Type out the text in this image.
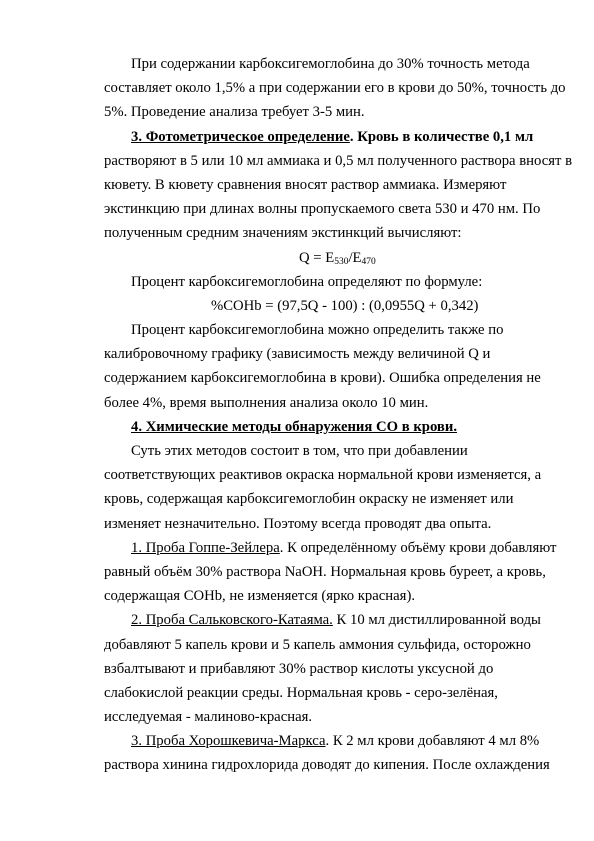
При содержании карбоксигемоглобина до 30% точность метода
составляет около 1,5% а при содержании его в крови до 50%, точность до
5%. Проведение анализа требует 3-5 мин.
3. Фотометрическое определение. Кровь в количестве 0,1 мл
растворяют в 5 или 10 мл аммиака и 0,5 мл полученного раствора вносят в
кювету. В кювету сравнения вносят раствор аммиака. Измеряют
экстинкцию при длинах волны пропускаемого света 530 и 470 нм. По
полученным средним значениям экстинкций вычисляют:
$Q = E_{530}/E_{470}$
Процент карбоксигемоглобина определяют по формуле:
%COHb = (97,5Q - 100) : (0,0955Q + 0,342)
Процент карбоксигемоглобина можно определить также по
калибровочному графику (зависимость между величиной Q и
содержанием карбоксигемоглобина в крови). Ошибка определения не
более 4%, время выполнения анализа около 10 мин.
4. Химические методы обнаружения СО в крови.
Суть этих методов состоит в том, что при добавлении
соответствующих реактивов окраска нормальной крови изменяется, а
кровь, содержащая карбоксигемоглобин окраску не изменяет или
изменяет незначительно. Поэтому всегда проводят два опыта.
1. Проба Гоппе-Зейлера. К определённому объёму крови добавляют
равный объём 30% раствора NaOH. Нормальная кровь буреет, а кровь,
содержащая COHb, не изменяется (ярко красная).
2. Проба Сальковского-Катаяма. К 10 мл дистиллированной воды
добавляют 5 капель крови и 5 капель аммония сульфида, осторожно
взбалтывают и прибавляют 30% раствор кислоты уксусной до
слабокислой реакции среды. Нормальная кровь - серо-зелёная,
исследуемая - малиново-красная.
3. Проба Хорошкевича-Маркса. К 2 мл крови добавляют 4 мл 8%
раствора хинина гидрохлорида доводят до кипения. После охлаждения
